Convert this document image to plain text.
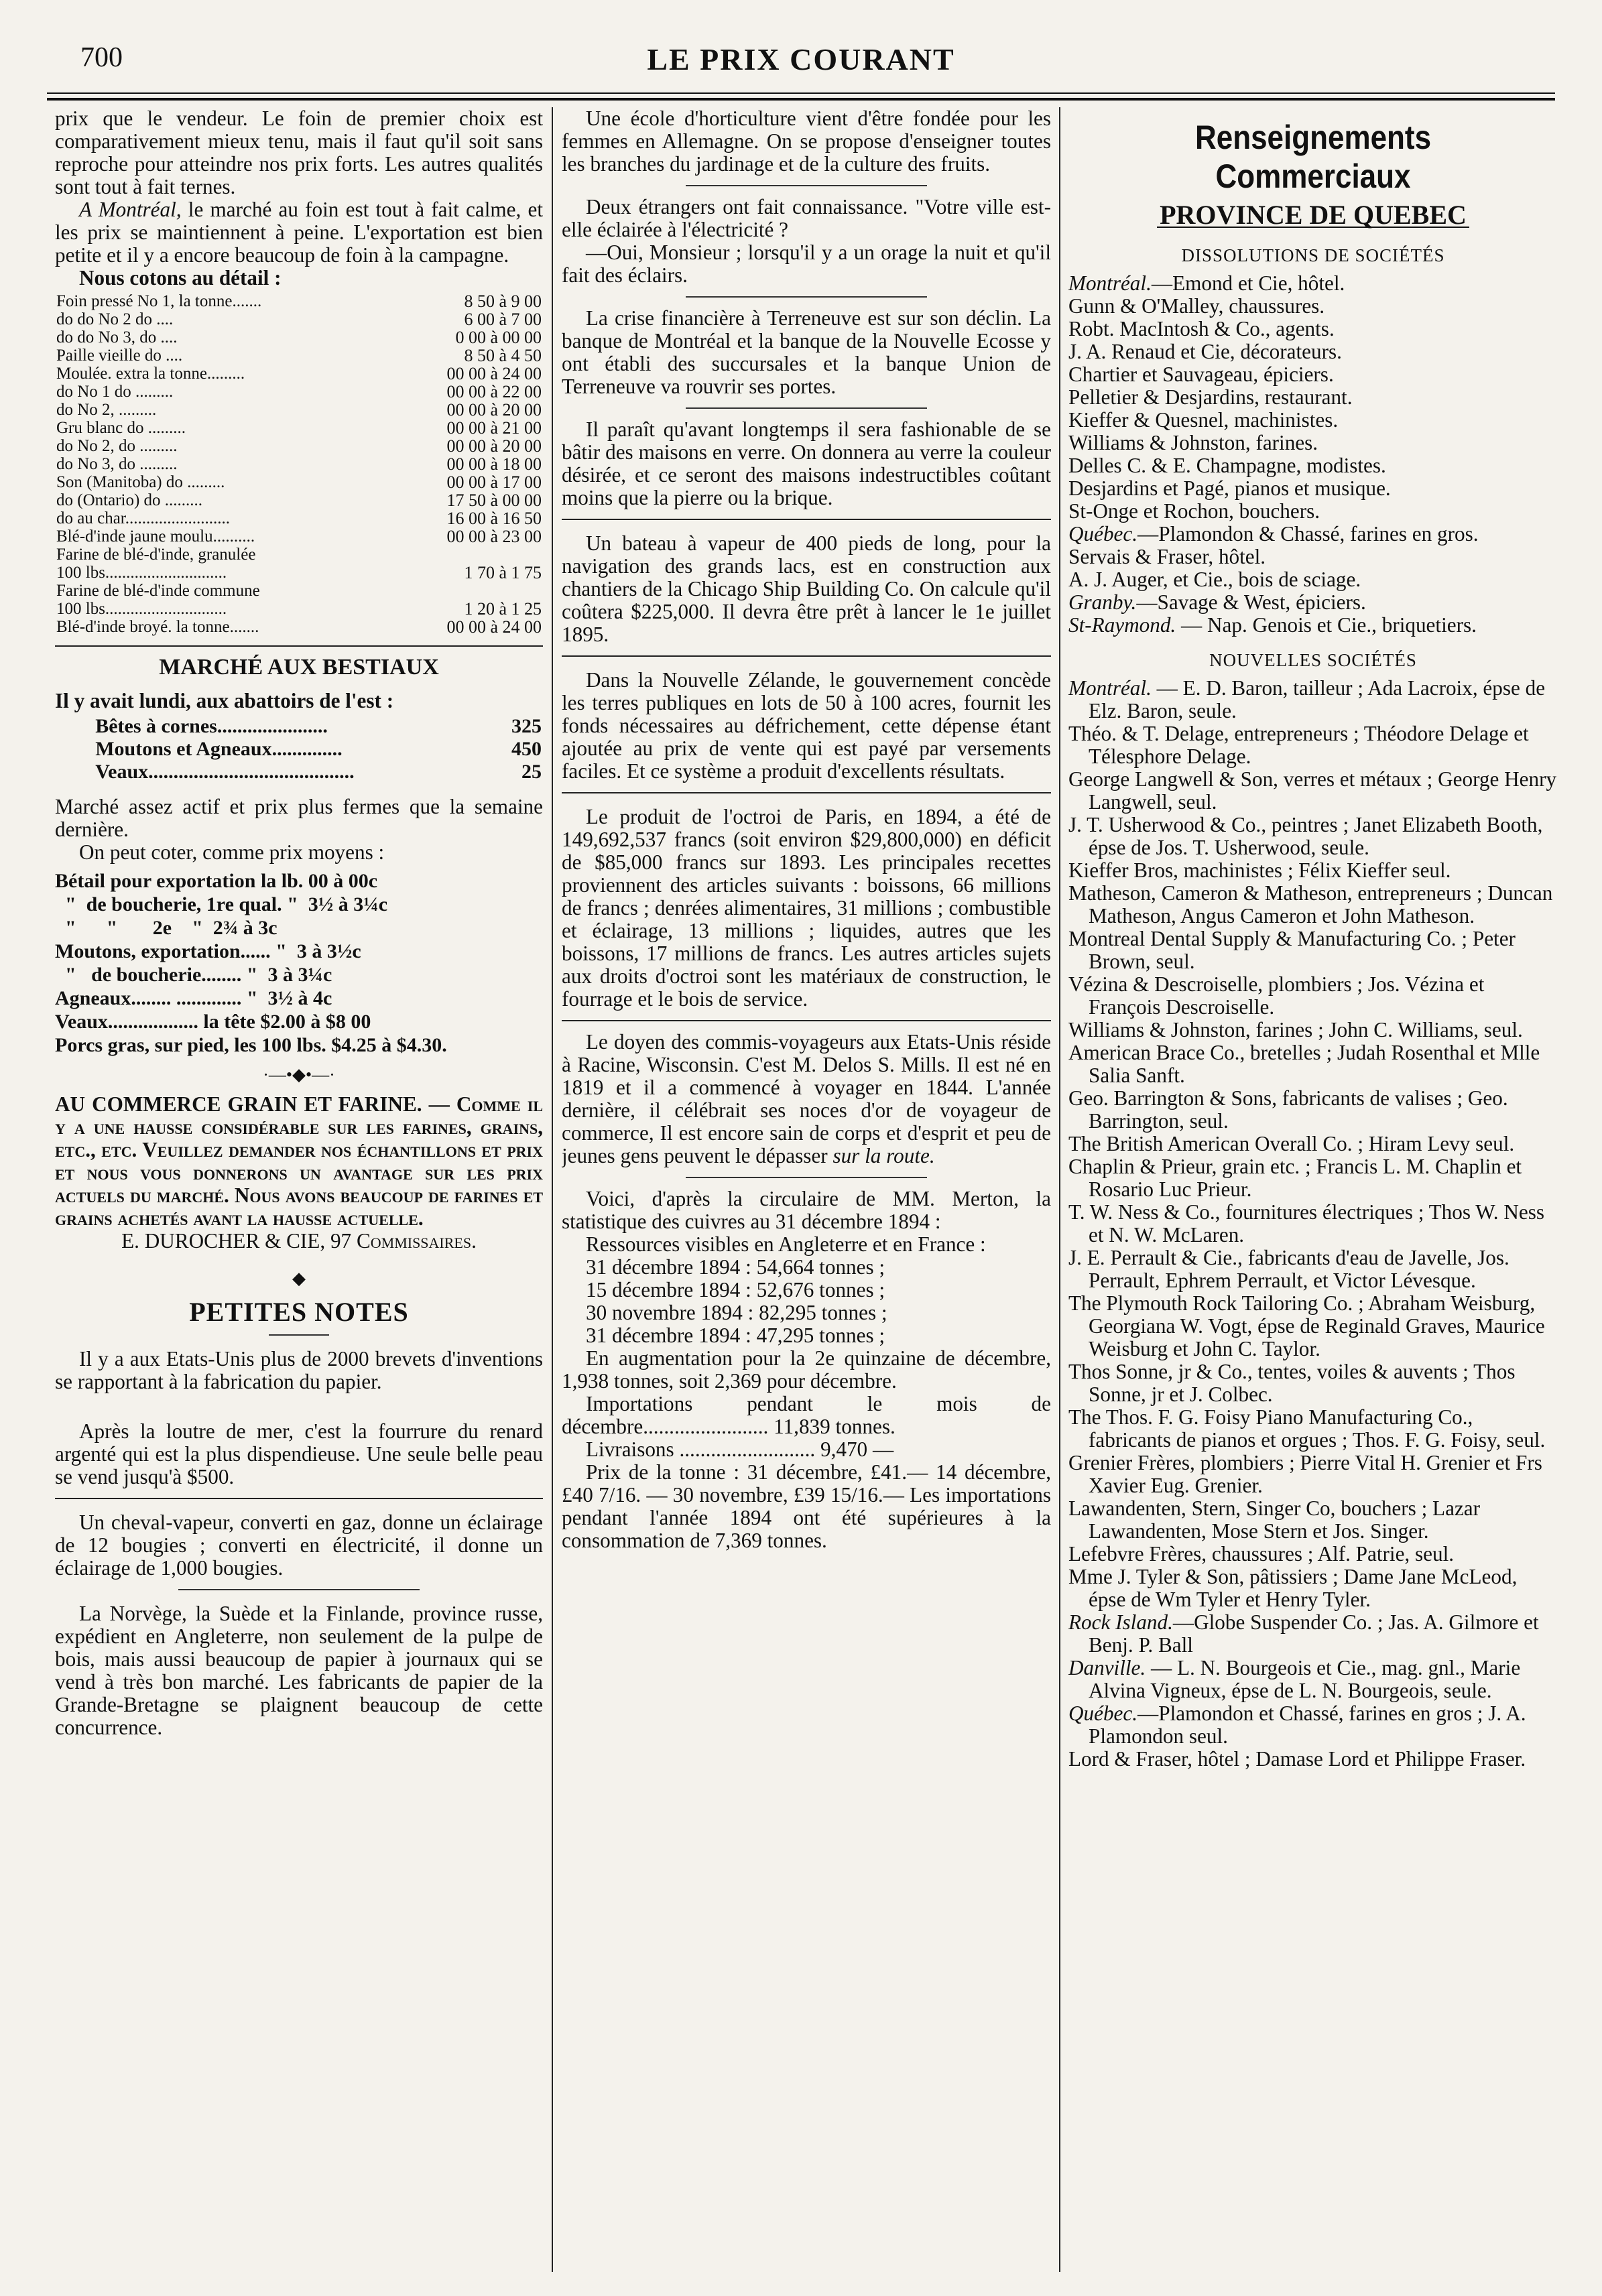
700	LE PRIX COURANT

prix que le vendeur. Le foin de premier choix est comparativement mieux tenu, mais il faut qu'il soit sans reproche pour atteindre nos prix forts. Les autres qualités sont tout à fait ternes.

A Montréal, le marché au foin est tout à fait calme, et les prix se maintiennent à peine. L'exportation est bien petite et il y a encore beaucoup de foin à la campagne.

Nous cotons au détail :

Foin pressé No 1, la tonne.......	8 50 à 9 00
do do No 2 do ....	6 00 à 7 00
do do No 3, do ....	0 00 à 00 00
Paille vieille do ....	8 50 à 4 50
Moulée. extra la tonne.........	00 00 à 24 00
do No 1 do .........	00 00 à 22 00
do No 2, .........	00 00 à 20 00
Gru blanc do .........	00 00 à 21 00
do No 2, do .........	00 00 à 20 00
do No 3, do .........	00 00 à 18 00
Son (Manitoba) do .........	00 00 à 17 00
do (Ontario) do .........	17 50 à 00 00
do au char.........................	16 00 à 16 50
Blé-d'inde jaune moulu..........	00 00 à 23 00
Farine de blé-d'inde, granulée	
100 lbs.............................	1 70 à 1 75
Farine de blé-d'inde commune	
100 lbs.............................	1 20 à 1 25
Blé-d'inde broyé. la tonne.......	00 00 à 24 00
MARCHÉ AUX BESTIAUX

Il y avait lundi, aux abattoirs de l'est :

Bêtes à cornes......................	325
Moutons et Agneaux..............	450
Veaux.........................................	25

Marché assez actif et prix plus fermes que la semaine dernière.

On peut coter, comme prix moyens :

Bétail pour exportation la lb. 00 à 00c
"  de boucherie, 1re qual. "  3½ à 3¼c
"      "       2e    "  2¾ à 3c
Moutons, exportation...... "  3 à 3½c
"   de boucherie........ "  3 à 3¼c
Agneaux........ ............. "  3½ à 4c
Veaux.................. la tête $2.00 à $8 00
Porcs gras, sur pied, les 100 lbs. $4.25 à $4.30.
·—•◆•—·

AU COMMERCE GRAIN ET FARINE. — Comme il y a une hausse considérable sur les farines, grains, etc., etc. Veuillez demander nos échantillons et prix et nous vous donnerons un avantage sur les prix actuels du marché. Nous avons beaucoup de farines et grains achetés avant la hausse actuelle.

E. DUROCHER & CIE, 97 Commissaires.

◆
PETITES NOTES

Il y a aux Etats-Unis plus de 2000 brevets d'inventions se rapportant à la fabrication du papier.

Après la loutre de mer, c'est la fourrure du renard argenté qui est la plus dispendieuse. Une seule belle peau se vend jusqu'à $500.

Un cheval-vapeur, converti en gaz, donne un éclairage de 12 bougies ; converti en électricité, il donne un éclairage de 1,000 bougies.

La Norvège, la Suède et la Finlande, province russe, expédient en Angleterre, non seulement de la pulpe de bois, mais aussi beaucoup de papier à journaux qui se vend à très bon marché. Les fabricants de papier de la Grande-Bretagne se plaignent beaucoup de cette concurrence.

Une école d'horticulture vient d'être fondée pour les femmes en Allemagne. On se propose d'enseigner toutes les branches du jardinage et de la culture des fruits.

Deux étrangers ont fait connaissance. "Votre ville est-elle éclairée à l'électricité ?

—Oui, Monsieur ; lorsqu'il y a un orage la nuit et qu'il fait des éclairs.

La crise financière à Terreneuve est sur son déclin. La banque de Montréal et la banque de la Nouvelle Ecosse y ont établi des succursales et la banque Union de Terreneuve va rouvrir ses portes.

Il paraît qu'avant longtemps il sera fashionable de se bâtir des maisons en verre. On donnera au verre la couleur désirée, et ce seront des maisons indestructibles coûtant moins que la pierre ou la brique.

Un bateau à vapeur de 400 pieds de long, pour la navigation des grands lacs, est en construction aux chantiers de la Chicago Ship Building Co. On calcule qu'il coûtera $225,000. Il devra être prêt à lancer le 1e juillet 1895.

Dans la Nouvelle Zélande, le gouvernement concède les terres publiques en lots de 50 à 100 acres, fournit les fonds nécessaires au défrichement, cette dépense étant ajoutée au prix de vente qui est payé par versements faciles. Et ce système a produit d'excellents résultats.

Le produit de l'octroi de Paris, en 1894, a été de 149,692,537 francs (soit environ $29,800,000) en déficit de $85,000 francs sur 1893. Les principales recettes proviennent des articles suivants : boissons, 66 millions de francs ; denrées alimentaires, 31 millions ; combustible et éclairage, 13 millions ; liquides, autres que les boissons, 17 millions de francs. Les autres articles sujets aux droits d'octroi sont les matériaux de construction, le fourrage et le bois de service.

Le doyen des commis-voyageurs aux Etats-Unis réside à Racine, Wisconsin. C'est M. Delos S. Mills. Il est né en 1819 et il a commencé à voyager en 1844. L'année dernière, il célébrait ses noces d'or de voyageur de commerce, Il est encore sain de corps et d'esprit et peu de jeunes gens peuvent le dépasser sur la route.

Voici, d'après la circulaire de MM. Merton, la statistique des cuivres au 31 décembre 1894 :

Ressources visibles en Angleterre et en France :

31 décembre 1894 : 54,664 tonnes ;
15 décembre 1894 : 52,676 tonnes ;
30 novembre 1894 : 82,295 tonnes ;
31 décembre 1894 : 47,295 tonnes ;

En augmentation pour la 2e quinzaine de décembre, 1,938 tonnes, soit 2,369 pour décembre.

Importations pendant le mois de décembre........................ 11,839 tonnes.

Livraisons .......................... 9,470 —

Prix de la tonne : 31 décembre, £41.— 14 décembre, £40 7/16. — 30 novembre, £39 15/16.— Les importations pendant l'année 1894 ont été supérieures à la consommation de 7,369 tonnes.

Renseignements Commerciaux
PROVINCE DE QUEBEC
DISSOLUTIONS DE SOCIÉTÉS

Montréal.—Emond et Cie, hôtel.

Gunn & O'Malley, chaussures.

Robt. MacIntosh & Co., agents.

J. A. Renaud et Cie, décorateurs.

Chartier et Sauvageau, épiciers.

Pelletier & Desjardins, restaurant.

Kieffer & Quesnel, machinistes.

Williams & Johnston, farines.

Delles C. & E. Champagne, modistes.

Desjardins et Pagé, pianos et musique.

St-Onge et Rochon, bouchers.

Québec.—Plamondon & Chassé, farines en gros.

Servais & Fraser, hôtel.

A. J. Auger, et Cie., bois de sciage.

Granby.—Savage & West, épiciers.

St-Raymond. — Nap. Genois et Cie., briquetiers.

NOUVELLES SOCIÉTÉS

Montréal. — E. D. Baron, tailleur ; Ada Lacroix, épse de Elz. Baron, seule.

Théo. & T. Delage, entrepreneurs ; Théodore Delage et Télesphore Delage.

George Langwell & Son, verres et métaux ; George Henry Langwell, seul.

J. T. Usherwood & Co., peintres ; Janet Elizabeth Booth, épse de Jos. T. Usherwood, seule.

Kieffer Bros, machinistes ; Félix Kieffer seul.

Matheson, Cameron & Matheson, entrepreneurs ; Duncan Matheson, Angus Cameron et John Matheson.

Montreal Dental Supply & Manufacturing Co. ; Peter Brown, seul.

Vézina & Descroiselle, plombiers ; Jos. Vézina et François Descroiselle.

Williams & Johnston, farines ; John C. Williams, seul.

American Brace Co., bretelles ; Judah Rosenthal et Mlle Salia Sanft.

Geo. Barrington & Sons, fabricants de valises ; Geo. Barrington, seul.

The British American Overall Co. ; Hiram Levy seul.

Chaplin & Prieur, grain etc. ; Francis L. M. Chaplin et Rosario Luc Prieur.

T. W. Ness & Co., fournitures électriques ; Thos W. Ness et N. W. McLaren.

J. E. Perrault & Cie., fabricants d'eau de Javelle, Jos. Perrault, Ephrem Perrault, et Victor Lévesque.

The Plymouth Rock Tailoring Co. ; Abraham Weisburg, Georgiana W. Vogt, épse de Reginald Graves, Maurice Weisburg et John C. Taylor.

Thos Sonne, jr & Co., tentes, voiles & auvents ; Thos Sonne, jr et J. Colbec.

The Thos. F. G. Foisy Piano Manufacturing Co., fabricants de pianos et orgues ; Thos. F. G. Foisy, seul.

Grenier Frères, plombiers ; Pierre Vital H. Grenier et Frs Xavier Eug. Grenier.

Lawandenten, Stern, Singer Co, bouchers ; Lazar Lawandenten, Mose Stern et Jos. Singer.

Lefebvre Frères, chaussures ; Alf. Patrie, seul.

Mme J. Tyler & Son, pâtissiers ; Dame Jane McLeod, épse de Wm Tyler et Henry Tyler.

Rock Island.—Globe Suspender Co. ; Jas. A. Gilmore et Benj. P. Ball

Danville. — L. N. Bourgeois et Cie., mag. gnl., Marie Alvina Vigneux, épse de L. N. Bourgeois, seule.

Québec.—Plamondon et Chassé, farines en gros ; J. A. Plamondon seul.

Lord & Fraser, hôtel ; Damase Lord et Philippe Fraser.
